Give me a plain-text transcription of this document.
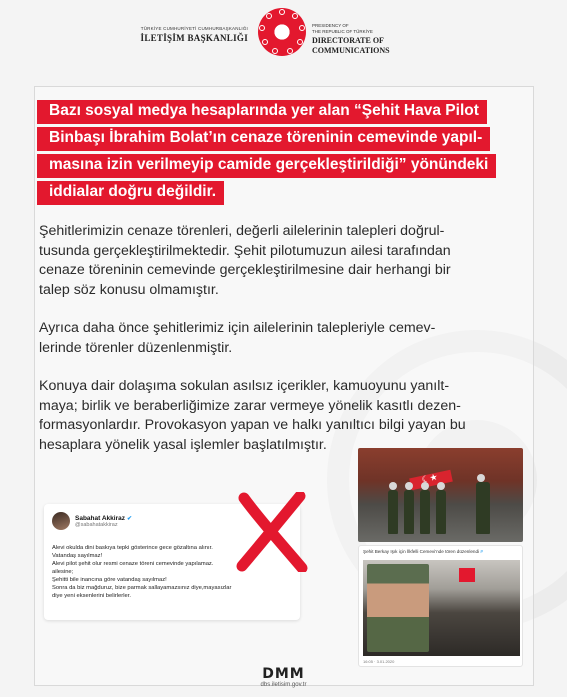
TÜRKİYE CUMHURİYETİ CUMHURBAŞKANLIĞI
İLETİŞİM BAŞKANLIĞI
PRESIDENCY OF
THE REPUBLIC OF TÜRKİYE
DIRECTORATE OF
COMMUNICATIONS
Bazı sosyal medya hesaplarında yer alan “Şehit Hava Pilot
Binbaşı İbrahim Bolat’ın cenaze töreninin cemevinde yapıl-
masına izin verilmeyip camide gerçekleştirildiği” yönündeki
iddialar doğru değildir.

Şehitlerimizin cenaze törenleri, değerli ailelerinin talepleri doğrul-
tusunda gerçekleştirilmektedir. Şehit pilotumuzun ailesi tarafından
cenaze töreninin cemevinde gerçekleştirilmesine dair herhangi bir
talep söz konusu olmamıştır.

Ayrıca daha önce şehitlerimiz için ailelerinin talepleriyle cemev-
lerinde törenler düzenlenmiştir.

Konuya dair dolaşıma sokulan asılsız içerikler, kamuoyunu yanılt-
maya; birlik ve beraberliğimize zarar vermeye yönelik kasıtlı dezen-
formasyonlardır. Provokasyon yapan ve halkı yanıltıcı bilgi yayan bu
hesaplara yönelik yasal işlemler başlatılmıştır.

☾★
Şehit Berkay Işık için İlkfelli Cemevi'nde tören düzenlendi #
16:05 · 3.01.2020
Sabahat Akkiraz ✔
@sabahatakkiraz
Alevi okulda dini baskıya tepki gösterince gece gözaltına alınır.
Vatandaş sayılmaz!
Alevi pilot şehit olur resmi cenaze töreni cemevinde yapılamaz.
ailesine;
Şehitti bile inancına göre vatandaş sayılmaz!
Sonra da biz mağduruz, bize parmak sallayamazsınız diye,mayasızlar
diye yeni eksenlerini belirlerler.
DMM
dbs.iletisim.gov.tr
